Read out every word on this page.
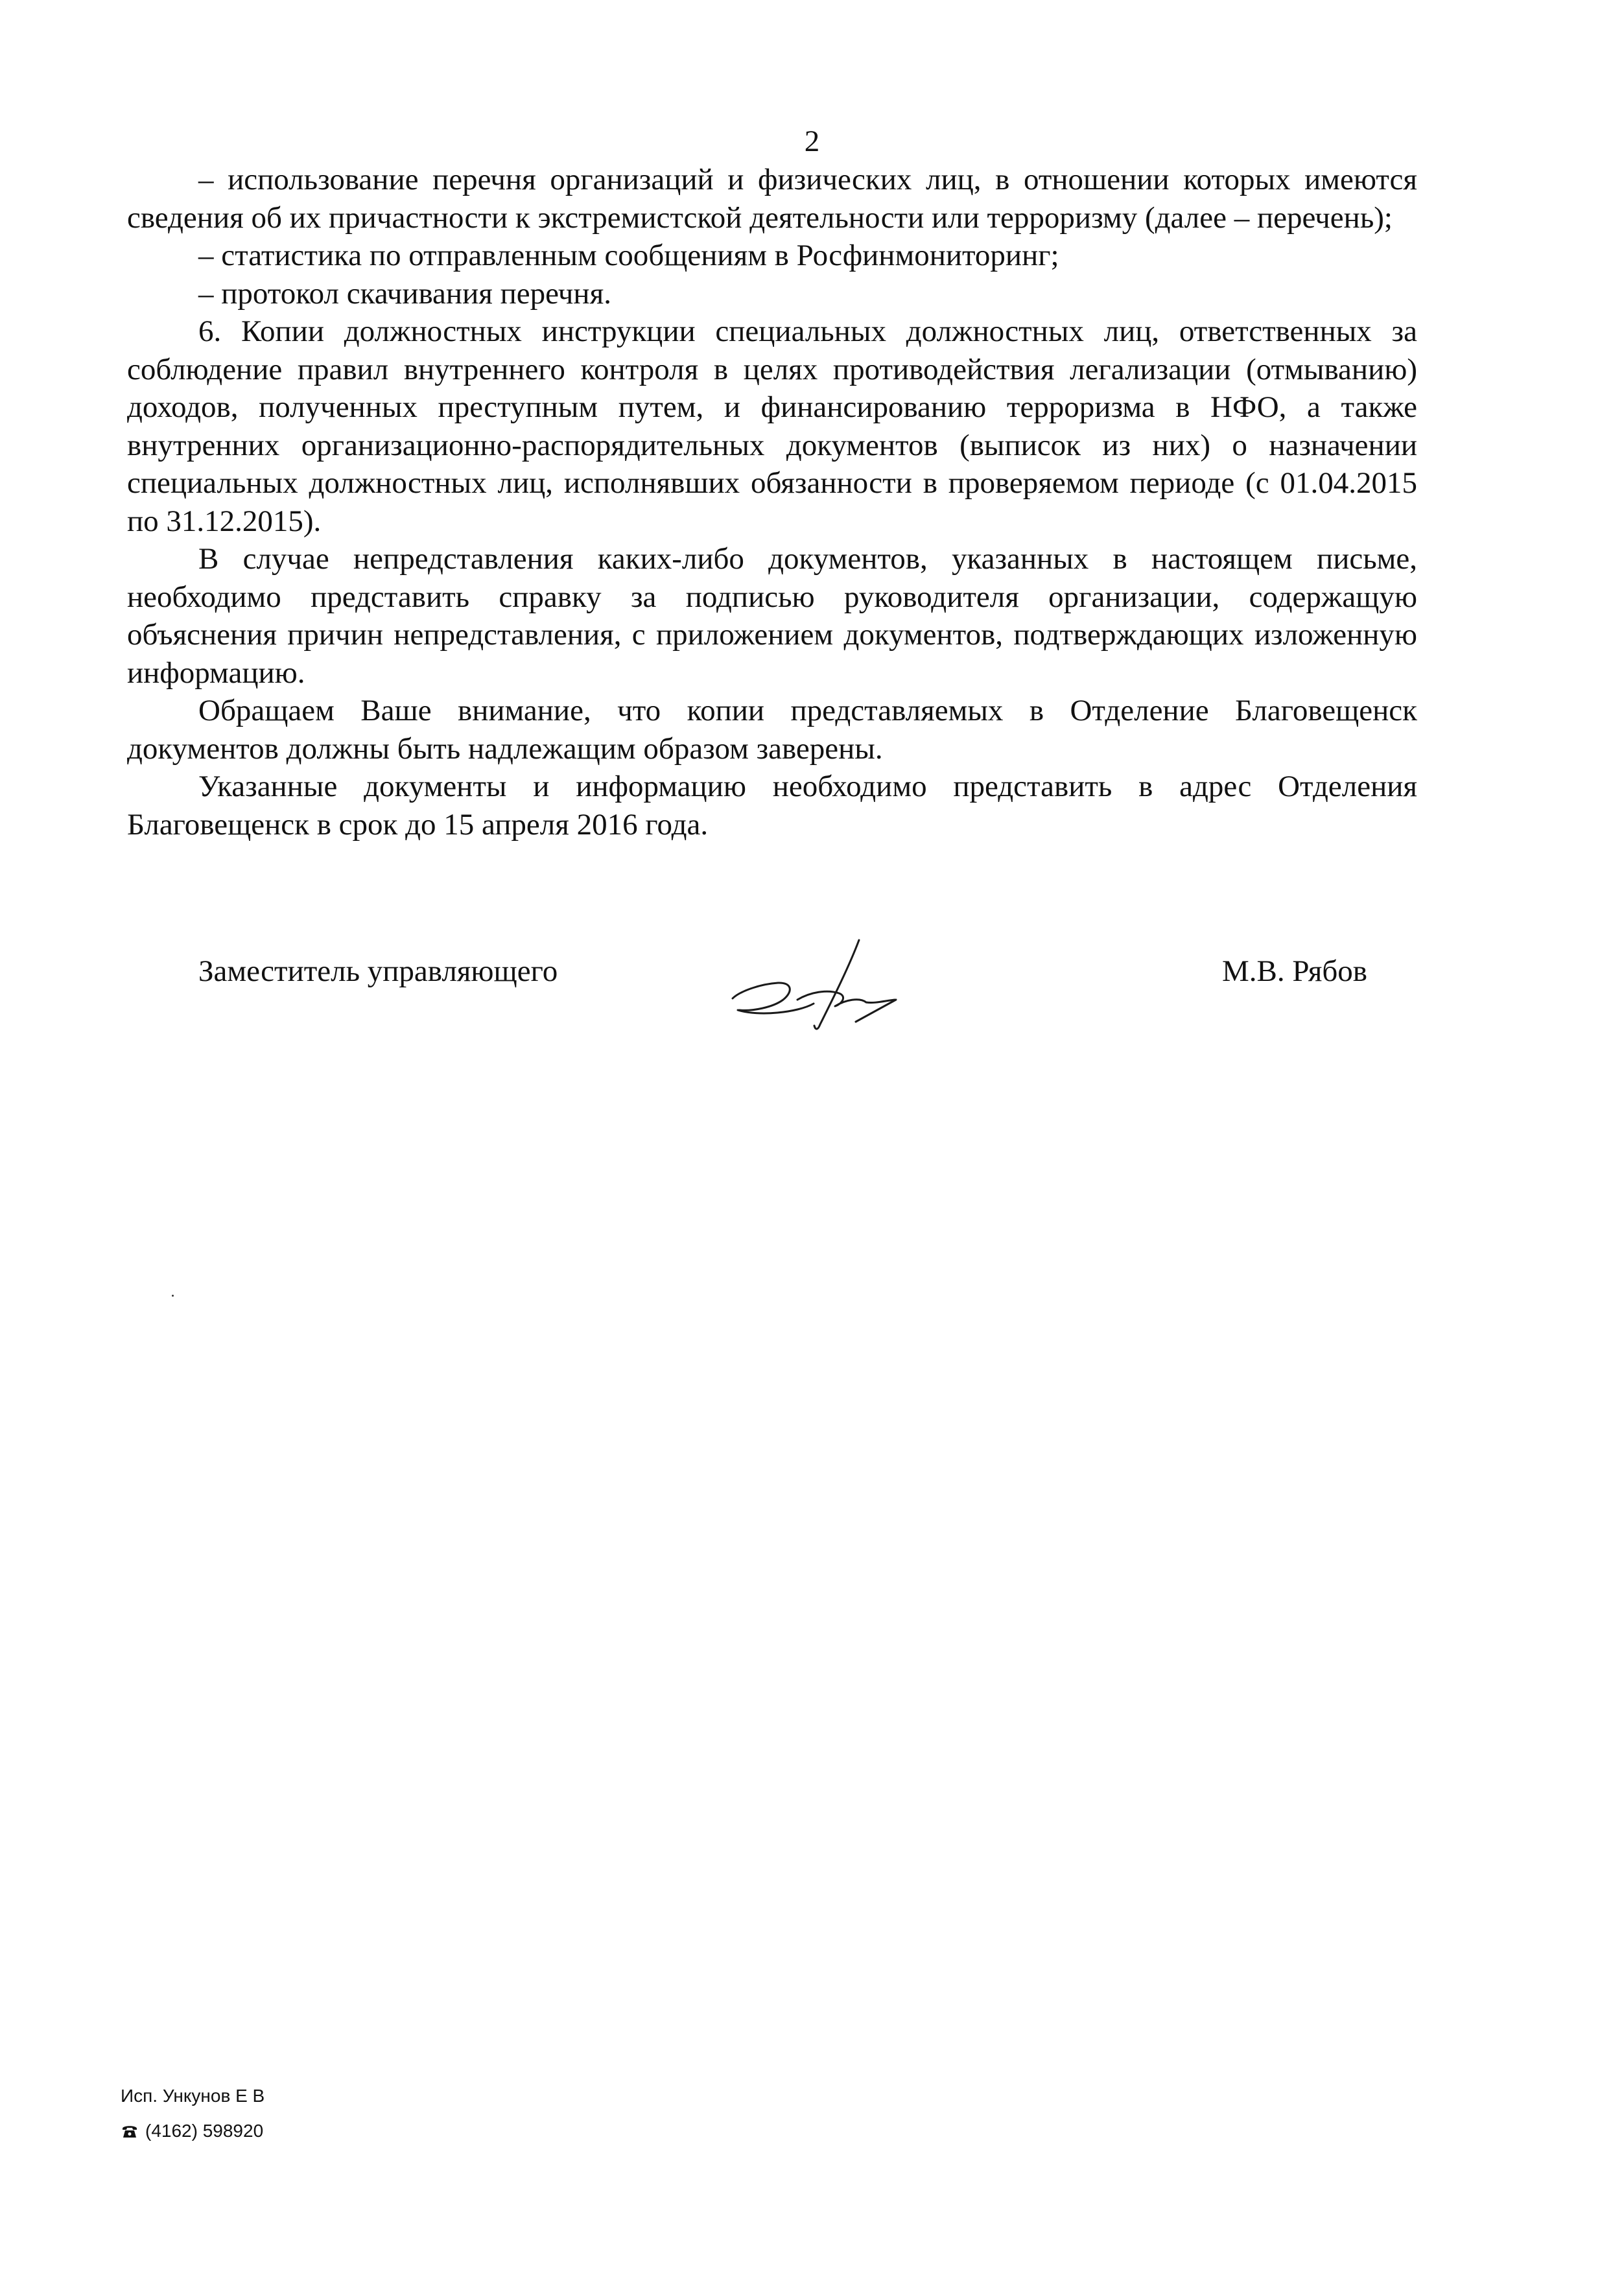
2

– использование перечня организаций и физических лиц, в отношении которых имеются сведения об их причастности к экстремистской деятельности или терроризму (далее – перечень);

– статистика по отправленным сообщениям в Росфинмониторинг;

– протокол скачивания перечня.

6. Копии должностных инструкции специальных должностных лиц, ответственных за соблюдение правил внутреннего контроля в целях противодействия легализации (отмыванию) доходов, полученных преступным путем, и финансированию терроризма в НФО, а также внутренних организационно-распорядительных документов (выписок из них) о назначении специальных должностных лиц, исполнявших обязанности в проверяемом периоде (с 01.04.2015 по 31.12.2015).

В случае непредставления каких-либо документов, указанных в настоящем письме, необходимо представить справку за подписью руководителя организации, содержащую объяснения причин непредставления, с приложением документов, подтверждающих изложенную информацию.

Обращаем Ваше внимание, что копии представляемых в Отделение Благовещенск документов должны быть надлежащим образом заверены.

Указанные документы и информацию необходимо представить в адрес Отделения Благовещенск в срок до 15 апреля 2016 года.

Заместитель управляющего	М.В. Рябов
Исп. Ункунов Е В
(4162) 598920
